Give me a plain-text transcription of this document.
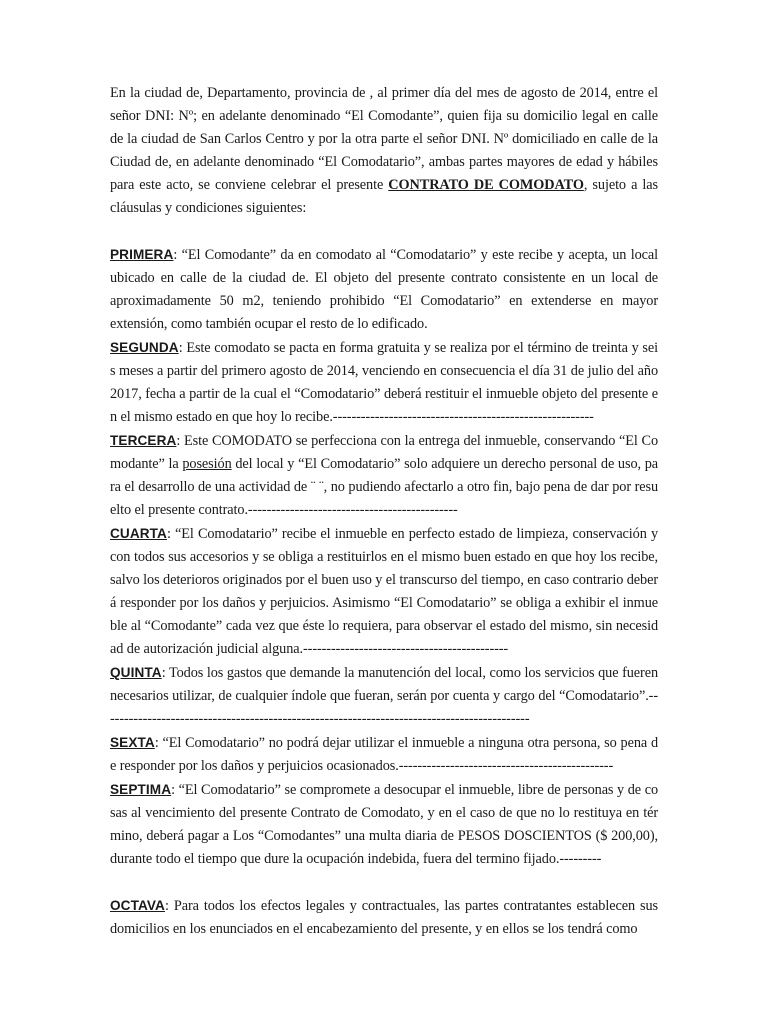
En la ciudad de, Departamento, provincia de , al primer día del mes de agosto de 2014, entre el señor DNI: Nº; en adelante denominado “El Comodante”, quien fija su domicilio legal en calle de la ciudad de San Carlos Centro y por la otra parte el señor DNI. Nº domiciliado en calle de la Ciudad de, en adelante denominado “El Comodatario”, ambas partes mayores de edad y hábiles para este acto, se conviene celebrar el presente CONTRATO DE COMODATO, sujeto a las cláusulas y condiciones siguientes:

PRIMERA: “El Comodante” da en comodato al “Comodatario” y este recibe y acepta, un local ubicado en calle de la ciudad de. El objeto del presente contrato consistente en un local de aproximadamente 50 m2, teniendo prohibido “El Comodatario” en extenderse en mayor extensión, como también ocupar el resto de lo edificado.

SEGUNDA: Este comodato se pacta en forma gratuita y se realiza por el término de treinta y seis meses a partir del primero agosto de 2014, venciendo en consecuencia el día 31 de julio del año 2017, fecha a partir de la cual el “Comodatario” deberá restituir el inmueble objeto del presente en el mismo estado en que hoy lo recibe.--------------------------------------------------------

TERCERA: Este COMODATO se perfecciona con la entrega del inmueble, conservando “El Comodante” la posesión del local y “El Comodatario” solo adquiere un derecho personal de uso, para el desarrollo de una actividad de ¨ ¨, no pudiendo afectarlo a otro fin, bajo pena de dar por resuelto el presente contrato.---------------------------------------------

CUARTA: “El Comodatario” recibe el inmueble en perfecto estado de limpieza, conservación y con todos sus accesorios y se obliga a restituirlos en el mismo buen estado en que hoy los recibe, salvo los deterioros originados por el buen uso y el transcurso del tiempo, en caso contrario deberá responder por los daños y perjuicios. Asimismo “El Comodatario” se obliga a exhibir el inmueble al “Comodante” cada vez que éste lo requiera, para observar el estado del mismo, sin necesidad de autorización judicial alguna.--------------------------------------------

QUINTA: Todos los gastos que demande la manutención del local, como los servicios que fueren necesarios utilizar, de cualquier índole que fueran, serán por cuenta y cargo del “Comodatario”.--------------------------------------------------------------------------------------------

SEXTA: “El Comodatario” no podrá dejar utilizar el inmueble a ninguna otra persona, so pena de responder por los daños y perjuicios ocasionados.----------------------------------------------

SEPTIMA: “El Comodatario” se compromete a desocupar el inmueble, libre de personas y de cosas al vencimiento del presente Contrato de Comodato, y en el caso de que no lo restituya en término, deberá pagar a Los “Comodantes” una multa diaria de PESOS DOSCIENTOS ($ 200,00), durante todo el tiempo que dure la ocupación indebida, fuera del termino fijado.---------

OCTAVA: Para todos los efectos legales y contractuales, las partes contratantes establecen sus domicilios en los enunciados en el encabezamiento del presente, y en ellos se los tendrá como
